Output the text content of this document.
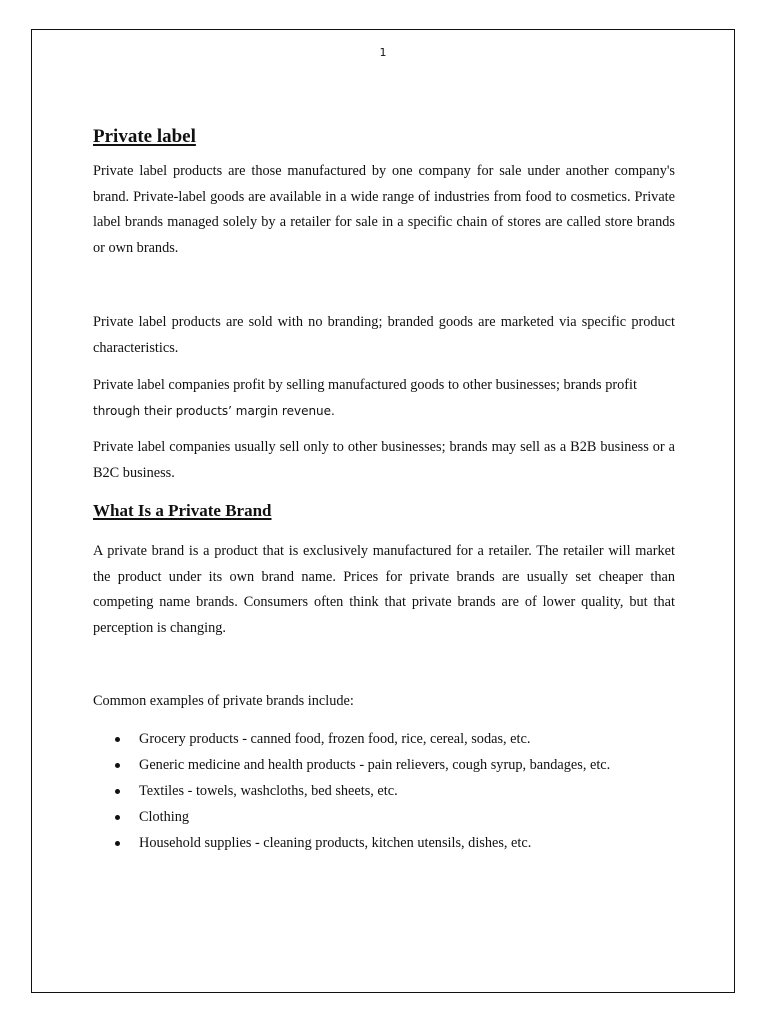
1
Private label

Private label products are those manufactured by one company for sale under another company's brand. Private-label goods are available in a wide range of industries from food to cosmetics. Private label brands managed solely by a retailer for sale in a specific chain of stores are called store brands or own brands.

Private label products are sold with no branding; branded goods are marketed via specific product characteristics.

Private label companies profit by selling manufactured goods to other businesses; brands profit
through their products’ margin revenue.

Private label companies usually sell only to other businesses; brands may sell as a B2B business or a B2C business.

What Is a Private Brand

A private brand is a product that is exclusively manufactured for a retailer. The retailer will market the product under its own brand name. Prices for private brands are usually set cheaper than competing name brands. Consumers often think that private brands are of lower quality, but that perception is changing.

Common examples of private brands include:

Grocery products - canned food, frozen food, rice, cereal, sodas, etc.
Generic medicine and health products - pain relievers, cough syrup, bandages, etc.
Textiles - towels, washcloths, bed sheets, etc.
Clothing
Household supplies - cleaning products, kitchen utensils, dishes, etc.
